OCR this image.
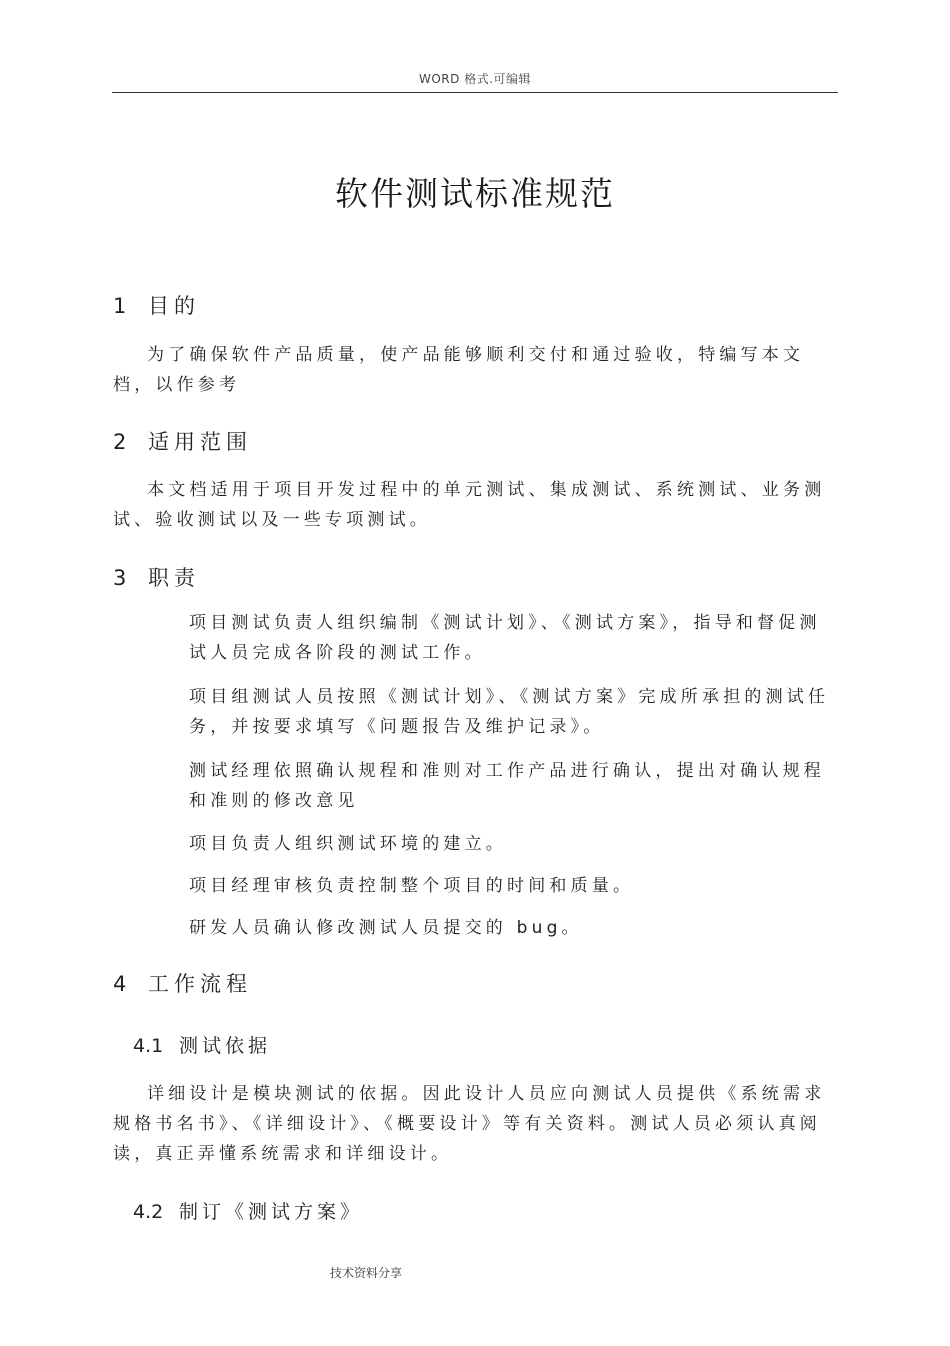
WORD 格式.可编辑
软件测试标准规范
1 目的

为了确保软件产品质量，使产品能够顺利交付和通过验收，特编写本文档，以作参考

2 适用范围

本文档适用于项目开发过程中的单元测试、集成测试、系统测试、业务测试、验收测试以及一些专项测试。

3 职责

项目测试负责人组织编制《测试计划》、《测试方案》，指导和督促测试人员完成各阶段的测试工作。

项目组测试人员按照《测试计划》、《测试方案》完成所承担的测试任务，并按要求填写《问题报告及维护记录》。

测试经理依照确认规程和准则对工作产品进行确认，提出对确认规程和准则的修改意见

项目负责人组织测试环境的建立。

项目经理审核负责控制整个项目的时间和质量。

研发人员确认修改测试人员提交的 bug。

4 工作流程
4.1 测试依据

详细设计是模块测试的依据。因此设计人员应向测试人员提供《系统需求规格书名书》、《详细设计》、《概要设计》等有关资料。测试人员必须认真阅读，真正弄懂系统需求和详细设计。

4.2 制订《测试方案》
技术资料分享
